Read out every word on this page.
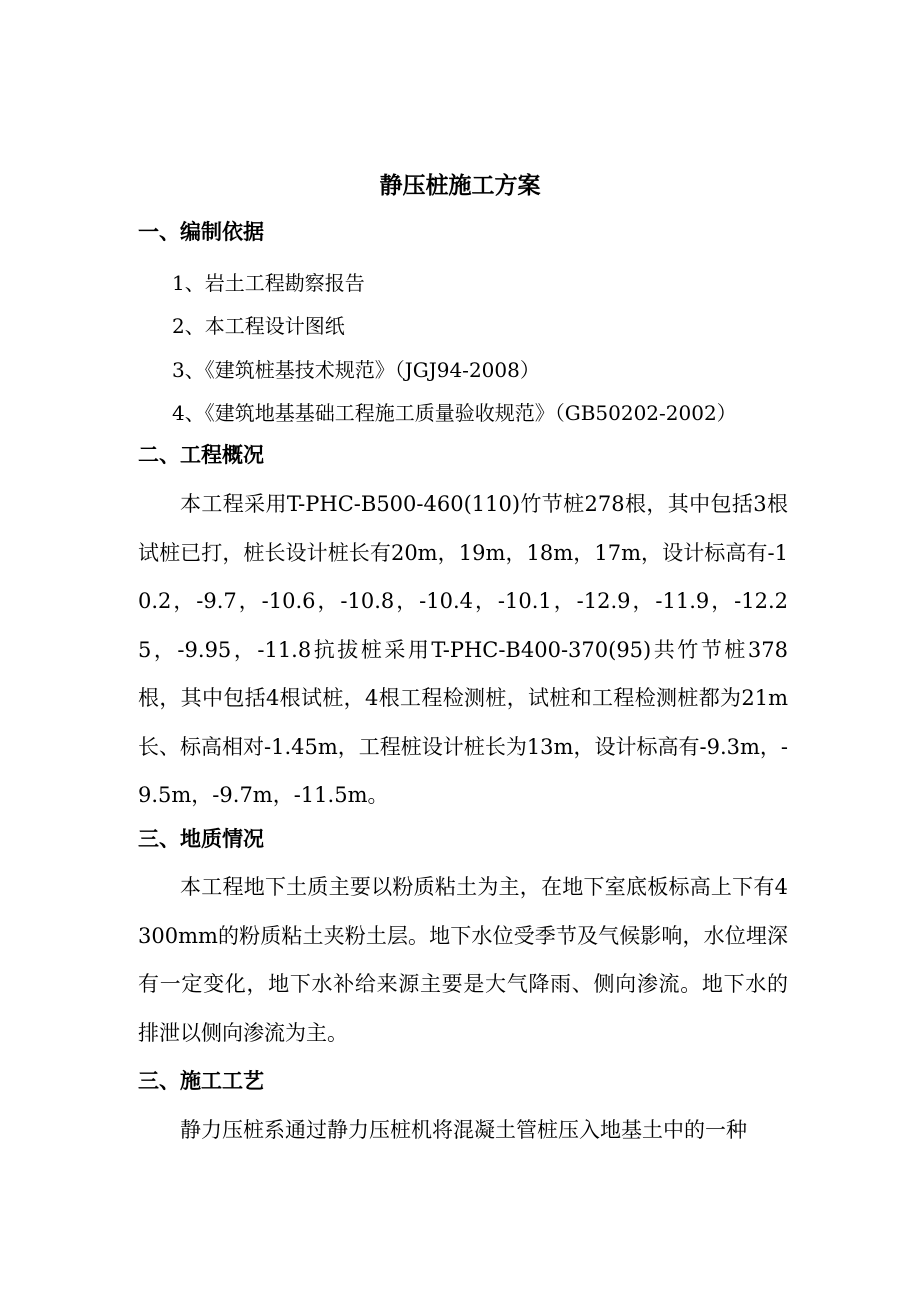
静压桩施工方案
一、编制依据
1、岩土工程勘察报告
2、本工程设计图纸
3、《建筑桩基技术规范》（JGJ94-2008）
4、《建筑地基基础工程施工质量验收规范》（GB50202-2002）
二、工程概况
本工程采用T-PHC-B500-460(110)竹节桩278根，其中包括3根试桩已打，桩长设计桩长有20m，19m，18m，17m，设计标高有-10.2，-9.7，-10.6，-10.8，-10.4，-10.1，-12.9，-11.9，-12.25，-9.95，-11.8抗拔桩采用T-PHC-B400-370(95)共竹节桩378根，其中包括4根试桩，4根工程检测桩，试桩和工程检测桩都为21m长、标高相对-1.45m，工程桩设计桩长为13m，设计标高有-9.3m，-9.5m，-9.7m，-11.5m。
三、地质情况
本工程地下土质主要以粉质粘土为主，在地下室底板标高上下有4300mm的粉质粘土夹粉土层。地下水位受季节及气候影响，水位埋深有一定变化，地下水补给来源主要是大气降雨、侧向渗流。地下水的排泄以侧向渗流为主。
三、施工工艺
静力压桩系通过静力压桩机将混凝土管桩压入地基土中的一种
